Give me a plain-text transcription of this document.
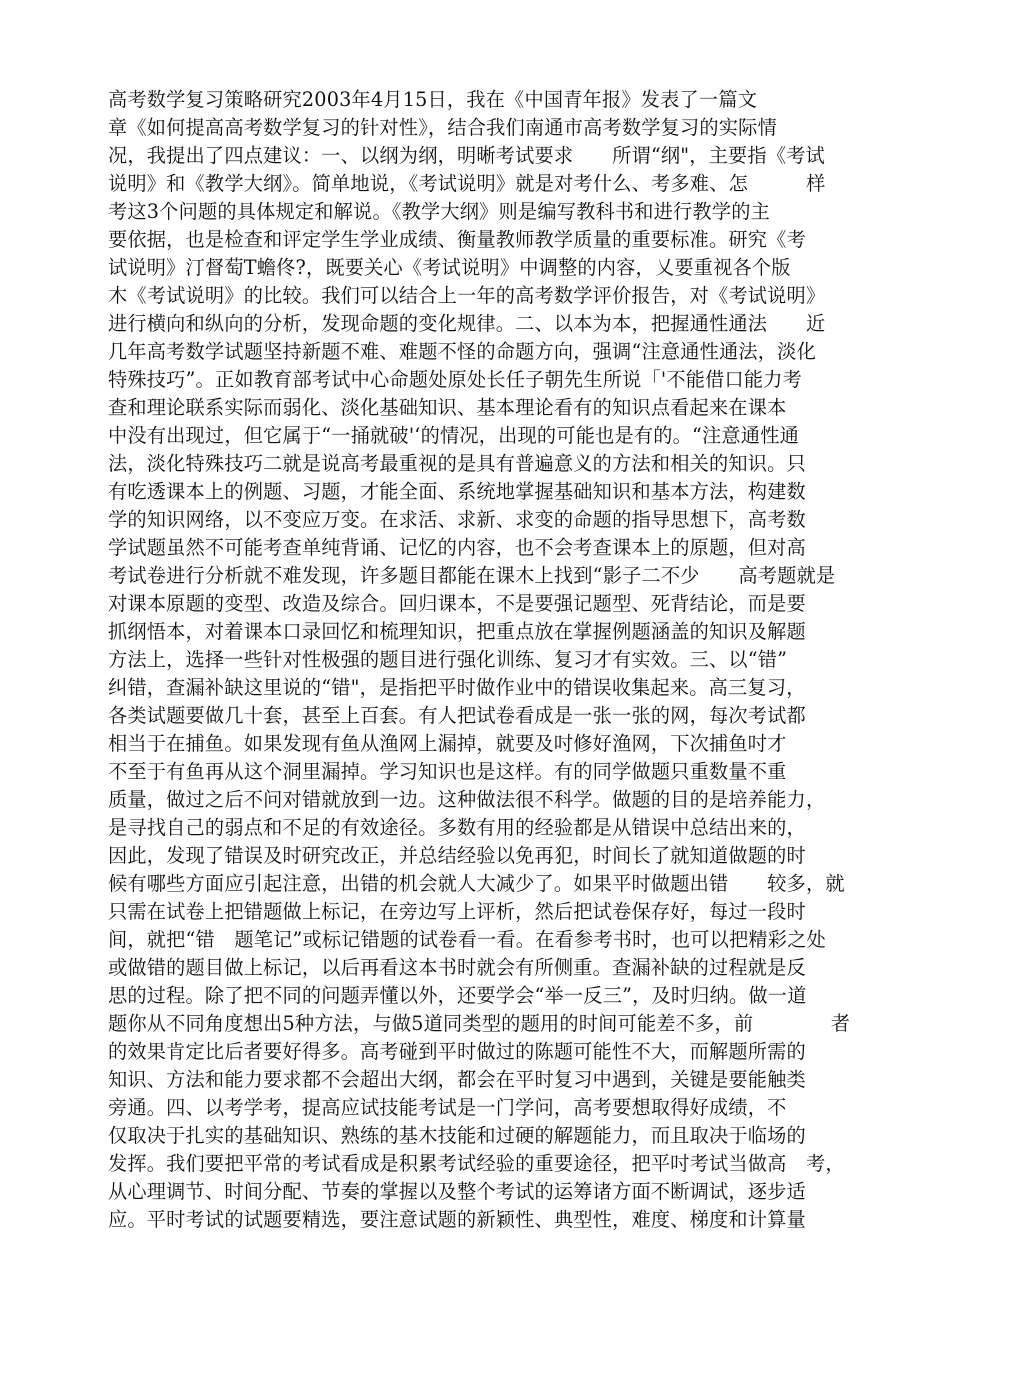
高考数学复习策略研究2003年4月15日，我在《中国青年报》发表了一篇文
章《如何提高高考数学复习的针对性》，结合我们南通市高考数学复习的实际情
况，我提出了四点建议：一、以纲为纲，明晰考试要求　　所谓“纲"，主要指《考试
说明》和《教学大纲》。简单地说，《考试说明》就是对考什么、考多难、怎　　　样
考这3个问题的具体规定和解说。《教学大纲》则是编写教科书和进行教学的主
要依据，也是检查和评定学生学业成绩、衡量教师教学质量的重要标准。研究《考
试说明》汀督萄T蟾佟?，既要关心《考试说明》中调整的内容，乂要重视各个版
木《考试说明》的比较。我们可以结合上一年的高考数学评价报告，对《考试说明》
进行横向和纵向的分析，发现命题的变化规律。二、以本为本，把握通性通法　　近
几年高考数学试题坚持新题不难、难题不怪的命题方向，强调“注意通性通法，淡化
特殊技巧”。正如教育部考试中心命题处原处长任子朝先生所说「'不能借口能力考
查和理论联系实际而弱化、淡化基础知识、基本理论看有的知识点看起来在课本
中没有出现过，但它属于“一捅就破'‘的情况，出现的可能也是有的。“注意通性通
法，淡化特殊技巧二就是说高考最重视的是具有普遍意义的方法和相关的知识。只
有吃透课本上的例题、习题，才能全面、系统地掌握基础知识和基本方法，构建数
学的知识网络，以不变应万变。在求活、求新、求变的命题的指导思想下，高考数
学试题虽然不可能考查单纯背诵、记忆的内容，也不会考查课本上的原题，但对高
考试卷进行分析就不难发现，许多题目都能在课木上找到“影子二不少　　高考题就是
对课本原题的变型、改造及综合。回归课本，不是要强记题型、死背结论，而是要
抓纲悟本，对着课本口录回忆和梳理知识，把重点放在掌握例题涵盖的知识及解题
方法上，选择一些针对性极强的题目进行强化训练、复习才有实效。三、以“错”
纠错，查漏补缺这里说的“错"，是指把平时做作业中的错误收集起来。高三复习，
各类试题要做几十套，甚至上百套。有人把试卷看成是一张一张的网，每次考试都
相当于在捕鱼。如果发现有鱼从渔网上漏掉，就要及吋修好渔网，下次捕鱼吋才
不至于有鱼再从这个洞里漏掉。学习知识也是这样。有的同学做题只重数量不重
质量，做过之后不问对错就放到一边。这种做法很不科学。做题的目的是培养能力，
是寻找自己的弱点和不足的有效途径。多数有用的经验都是从错误中总结出来的，
因此，发现了错误及时研究改正，并总结经验以免再犯，时间长了就知道做题的时
候有哪些方面应引起注意，出错的机会就人大减少了。如果平时做题出错　　较多，就
只需在试卷上把错题做上标记，在旁边写上评析，然后把试卷保存好，每过一段时
间，就把“错　题笔记”或标记错题的试卷看一看。在看参考书时，也可以把精彩之处
或做错的题目做上标记，以后再看这本书时就会有所侧重。查漏补缺的过程就是反
思的过程。除了把不同的问题弄懂以外，还要学会“举一反三”，及时归纳。做一道
题你从不同角度想出5种方法，与做5道同类型的题用的时间可能差不多，前　　　　者
的效果肯定比后者要好得多。高考碰到平时做过的陈题可能性不大，而解题所需的
知识、方法和能力要求都不会超出大纲，都会在平时复习中遇到，关键是要能触类
旁通。四、以考学考，提高应试技能考试是一门学问，高考要想取得好成绩，不
仅取决于扎实的基础知识、熟练的基木技能和过硬的解题能力，而且取决于临场的
发挥。我们要把平常的考试看成是积累考试经验的重要途径，把平吋考试当做高　考，
从心理调节、时间分配、节奏的掌握以及整个考试的运筹诸方面不断调试，逐步适
应。平时考试的试题要精选，要注意试题的新颖性、典型性，难度、梯度和计算量
